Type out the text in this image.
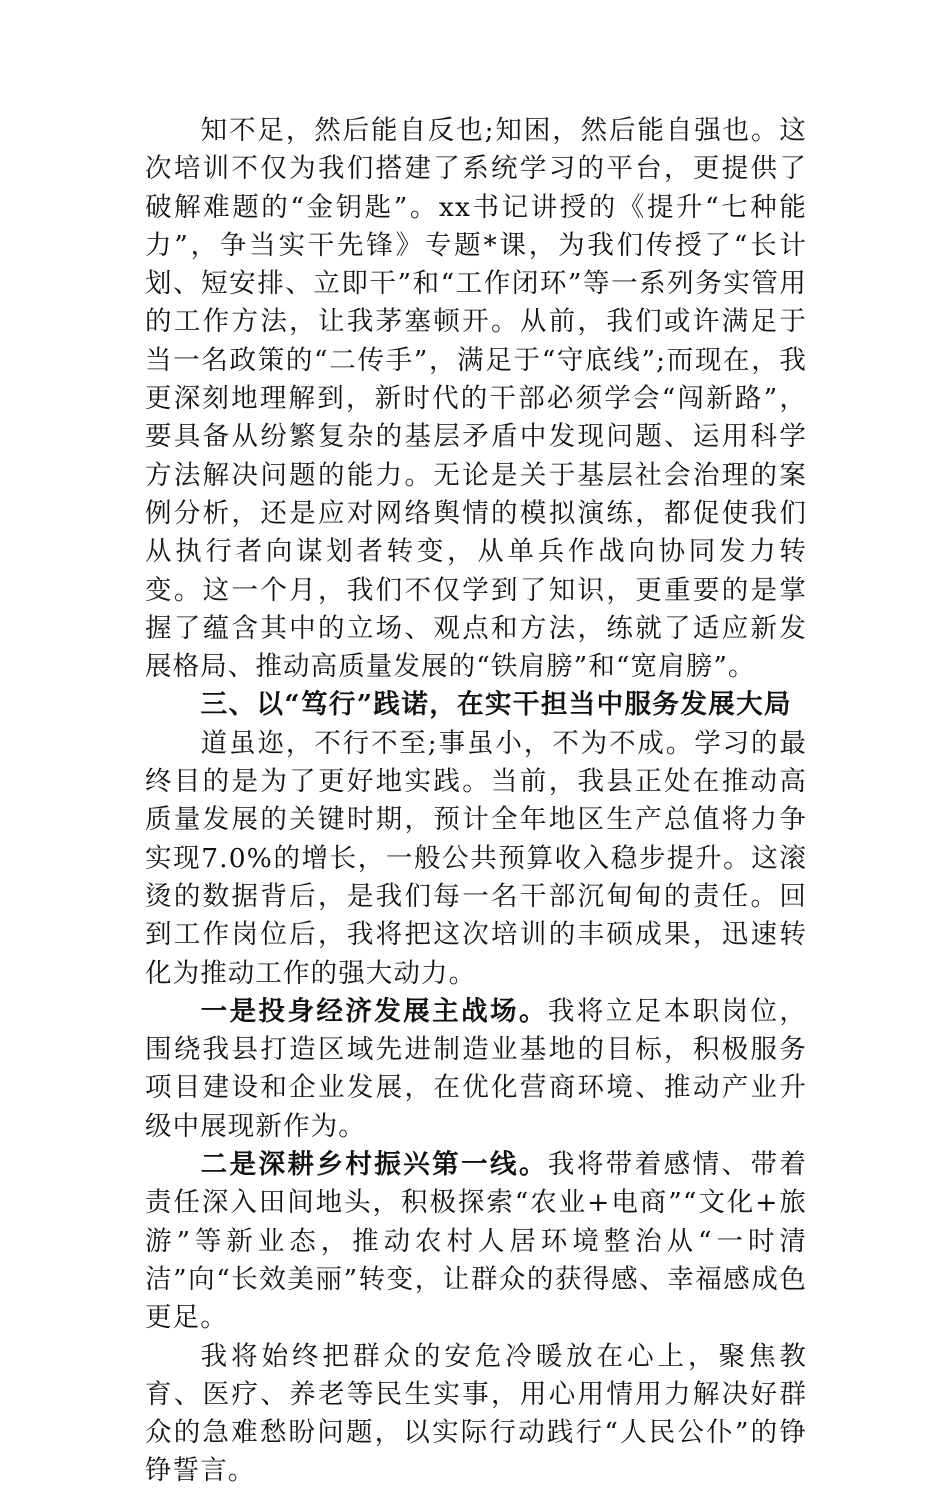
知不足，然后能自反也;知困，然后能自强也。这次培训不仅为我们搭建了系统学习的平台，更提供了破解难题的“金钥匙”。xx书记讲授的《提升“七种能力”，争当实干先锋》专题*课，为我们传授了“长计划、短安排、立即干”和“工作闭环”等一系列务实管用的工作方法，让我茅塞顿开。从前，我们或许满足于当一名政策的“二传手”，满足于“守底线”;而现在，我更深刻地理解到，新时代的干部必须学会“闯新路”，要具备从纷繁复杂的基层矛盾中发现问题、运用科学方法解决问题的能力。无论是关于基层社会治理的案例分析，还是应对网络舆情的模拟演练，都促使我们从执行者向谋划者转变，从单兵作战向协同发力转变。这一个月，我们不仅学到了知识，更重要的是掌握了蕴含其中的立场、观点和方法，练就了适应新发展格局、推动高质量发展的“铁肩膀”和“宽肩膀”。

三、以“笃行”践诺，在实干担当中服务发展大局

道虽迩，不行不至;事虽小，不为不成。学习的最终目的是为了更好地实践。当前，我县正处在推动高质量发展的关键时期，预计全年地区生产总值将力争实现7.0%的增长，一般公共预算收入稳步提升。这滚烫的数据背后，是我们每一名干部沉甸甸的责任。回到工作岗位后，我将把这次培训的丰硕成果，迅速转化为推动工作的强大动力。

一是投身经济发展主战场。我将立足本职岗位，围绕我县打造区域先进制造业基地的目标，积极服务项目建设和企业发展，在优化营商环境、推动产业升级中展现新作为。

二是深耕乡村振兴第一线。我将带着感情、带着责任深入田间地头，积极探索“农业+电商”“文化+旅游”等新业态，推动农村人居环境整治从“一时清洁”向“长效美丽”转变，让群众的获得感、幸福感成色更足。

我将始终把群众的安危冷暖放在心上，聚焦教育、医疗、养老等民生实事，用心用情用力解决好群众的急难愁盼问题，以实际行动践行“人民公仆”的铮铮誓言。
